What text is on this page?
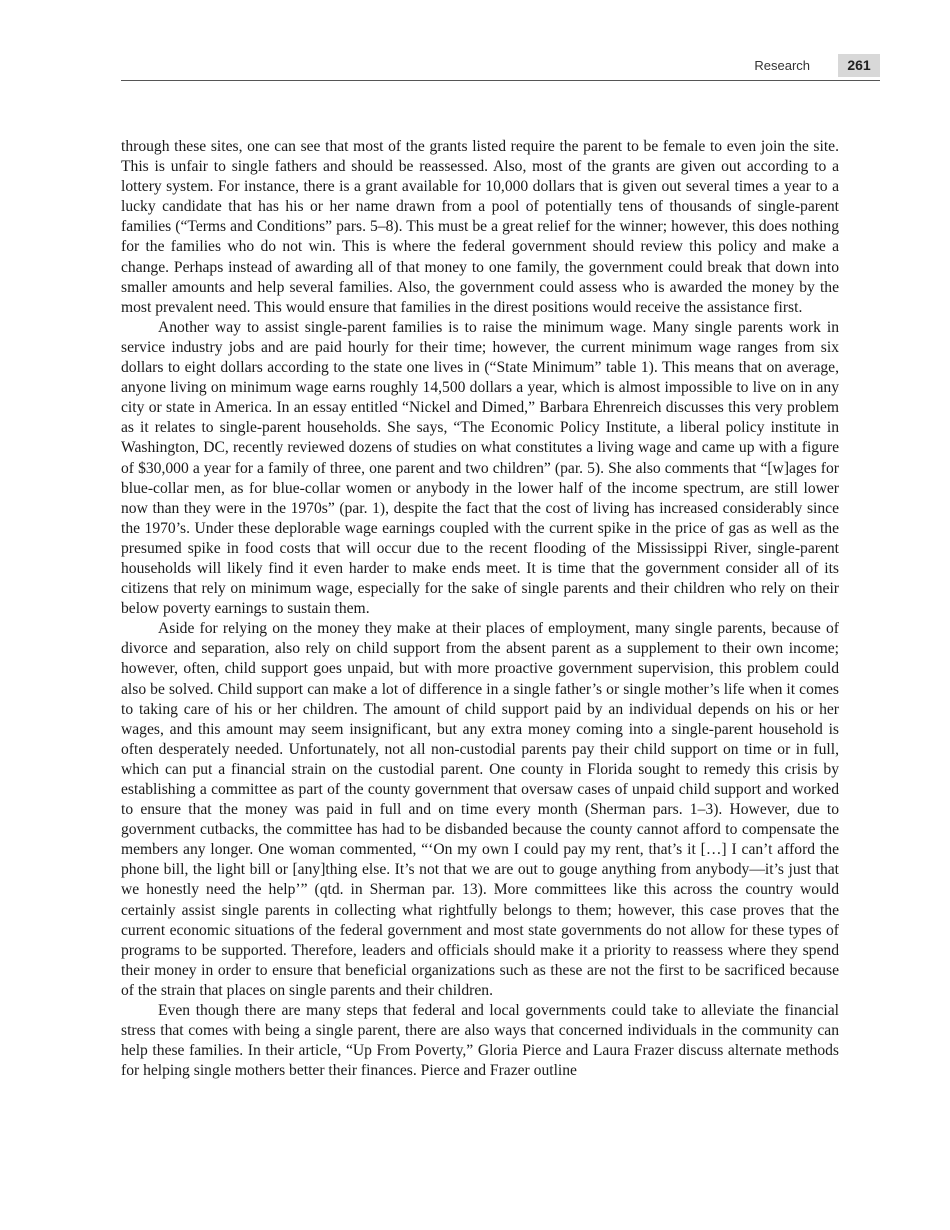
Research	261

through these sites, one can see that most of the grants listed require the parent to be female to even join the site. This is unfair to single fathers and should be reassessed. Also, most of the grants are given out according to a lottery system. For instance, there is a grant available for 10,000 dollars that is given out several times a year to a lucky candidate that has his or her name drawn from a pool of potentially tens of thousands of single-parent families (“Terms and Conditions” pars. 5–8). This must be a great relief for the winner; however, this does nothing for the families who do not win. This is where the federal government should review this policy and make a change. Perhaps instead of awarding all of that money to one family, the government could break that down into smaller amounts and help several families. Also, the government could assess who is awarded the money by the most prevalent need. This would ensure that families in the direst positions would receive the assistance first.

Another way to assist single-parent families is to raise the minimum wage. Many single parents work in service industry jobs and are paid hourly for their time; however, the current minimum wage ranges from six dollars to eight dollars according to the state one lives in (“State Minimum” table 1). This means that on average, anyone living on minimum wage earns roughly 14,500 dollars a year, which is almost impossible to live on in any city or state in America. In an essay entitled “Nickel and Dimed,” Barbara Ehrenreich discusses this very problem as it relates to single-parent households. She says, “The Economic Policy Institute, a liberal policy institute in Washington, DC, recently reviewed dozens of studies on what constitutes a living wage and came up with a figure of $30,000 a year for a family of three, one parent and two children” (par. 5). She also comments that “[w]ages for blue-collar men, as for blue-collar women or anybody in the lower half of the income spectrum, are still lower now than they were in the 1970s” (par. 1), despite the fact that the cost of living has increased considerably since the 1970’s. Under these deplorable wage earnings coupled with the current spike in the price of gas as well as the presumed spike in food costs that will occur due to the recent flooding of the Mississippi River, single-parent households will likely find it even harder to make ends meet. It is time that the government consider all of its citizens that rely on minimum wage, especially for the sake of single parents and their children who rely on their below poverty earnings to sustain them.

Aside for relying on the money they make at their places of employment, many single parents, because of divorce and separation, also rely on child support from the absent parent as a supplement to their own income; however, often, child support goes unpaid, but with more proactive government supervision, this problem could also be solved. Child support can make a lot of difference in a single father’s or single mother’s life when it comes to taking care of his or her children. The amount of child support paid by an individual depends on his or her wages, and this amount may seem insignificant, but any extra money coming into a single-parent household is often desperately needed. Unfortunately, not all non-custodial parents pay their child support on time or in full, which can put a financial strain on the custodial parent. One county in Florida sought to remedy this crisis by establishing a committee as part of the county government that oversaw cases of unpaid child support and worked to ensure that the money was paid in full and on time every month (Sherman pars. 1–3). However, due to government cutbacks, the committee has had to be disbanded because the county cannot afford to compensate the members any longer. One woman commented, “‘On my own I could pay my rent, that’s it […] I can’t afford the phone bill, the light bill or [any]thing else. It’s not that we are out to gouge anything from anybody—it’s just that we honestly need the help’” (qtd. in Sherman par. 13). More committees like this across the country would certainly assist single parents in collecting what rightfully belongs to them; however, this case proves that the current economic situations of the federal government and most state governments do not allow for these types of programs to be supported. Therefore, leaders and officials should make it a priority to reassess where they spend their money in order to ensure that beneficial organizations such as these are not the first to be sacrificed because of the strain that places on single parents and their children.

Even though there are many steps that federal and local governments could take to alleviate the financial stress that comes with being a single parent, there are also ways that concerned individuals in the community can help these families. In their article, “Up From Poverty,” Gloria Pierce and Laura Frazer discuss alternate methods for helping single mothers better their finances. Pierce and Frazer outline
